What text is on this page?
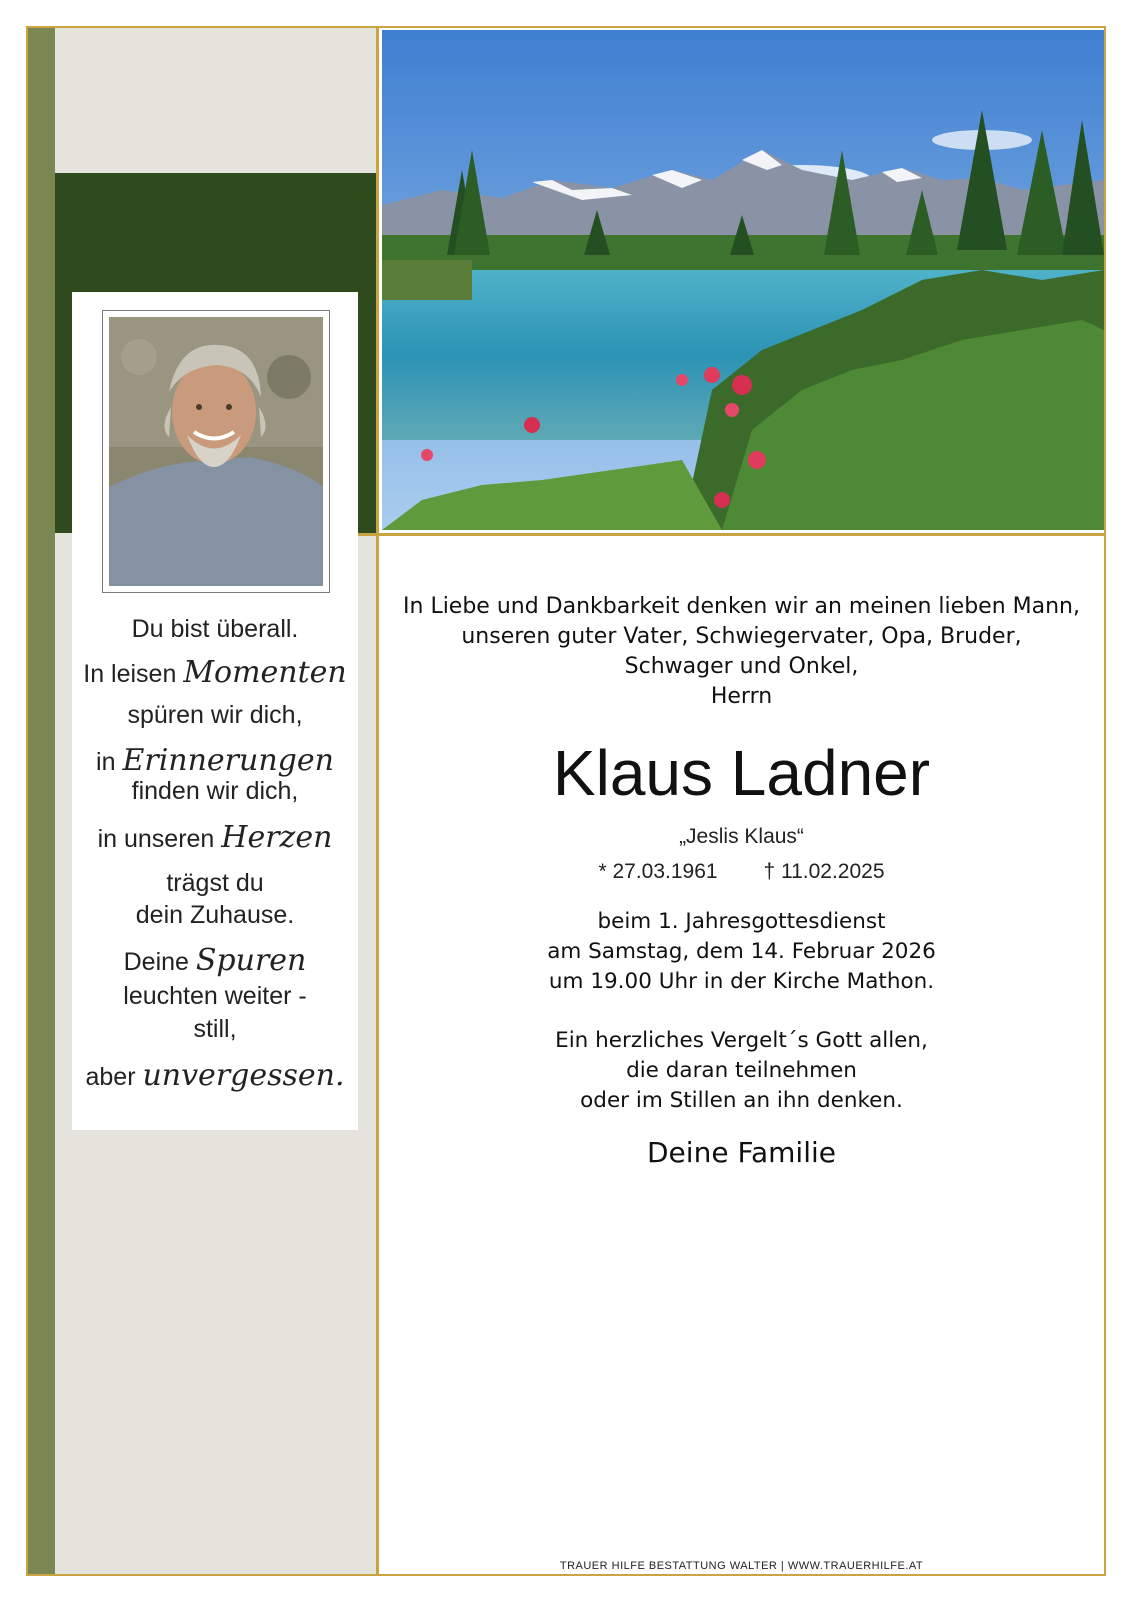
Du bist überall.
In leisen Momenten
spüren wir dich,
in Erinnerungen
finden wir dich,
in unseren Herzen
trägst du
dein Zuhause.
Deine Spuren
leuchten weiter -
still,
aber unvergessen.
In Liebe und Dankbarkeit denken wir an meinen lieben Mann,
unseren guter Vater, Schwiegervater, Opa, Bruder,
Schwager und Onkel,
Herrn
Klaus Ladner
„Jeslis Klaus“
* 27.03.1961 † 11.02.2025
beim 1. Jahresgottesdienst
am Samstag, dem 14. Februar 2026
um 19.00 Uhr in der Kirche Mathon.
Ein herzliches Vergelt´s Gott allen,
die daran teilnehmen
oder im Stillen an ihn denken.
Deine Familie
TRAUER HILFE BESTATTUNG WALTER | WWW.TRAUERHILFE.AT
